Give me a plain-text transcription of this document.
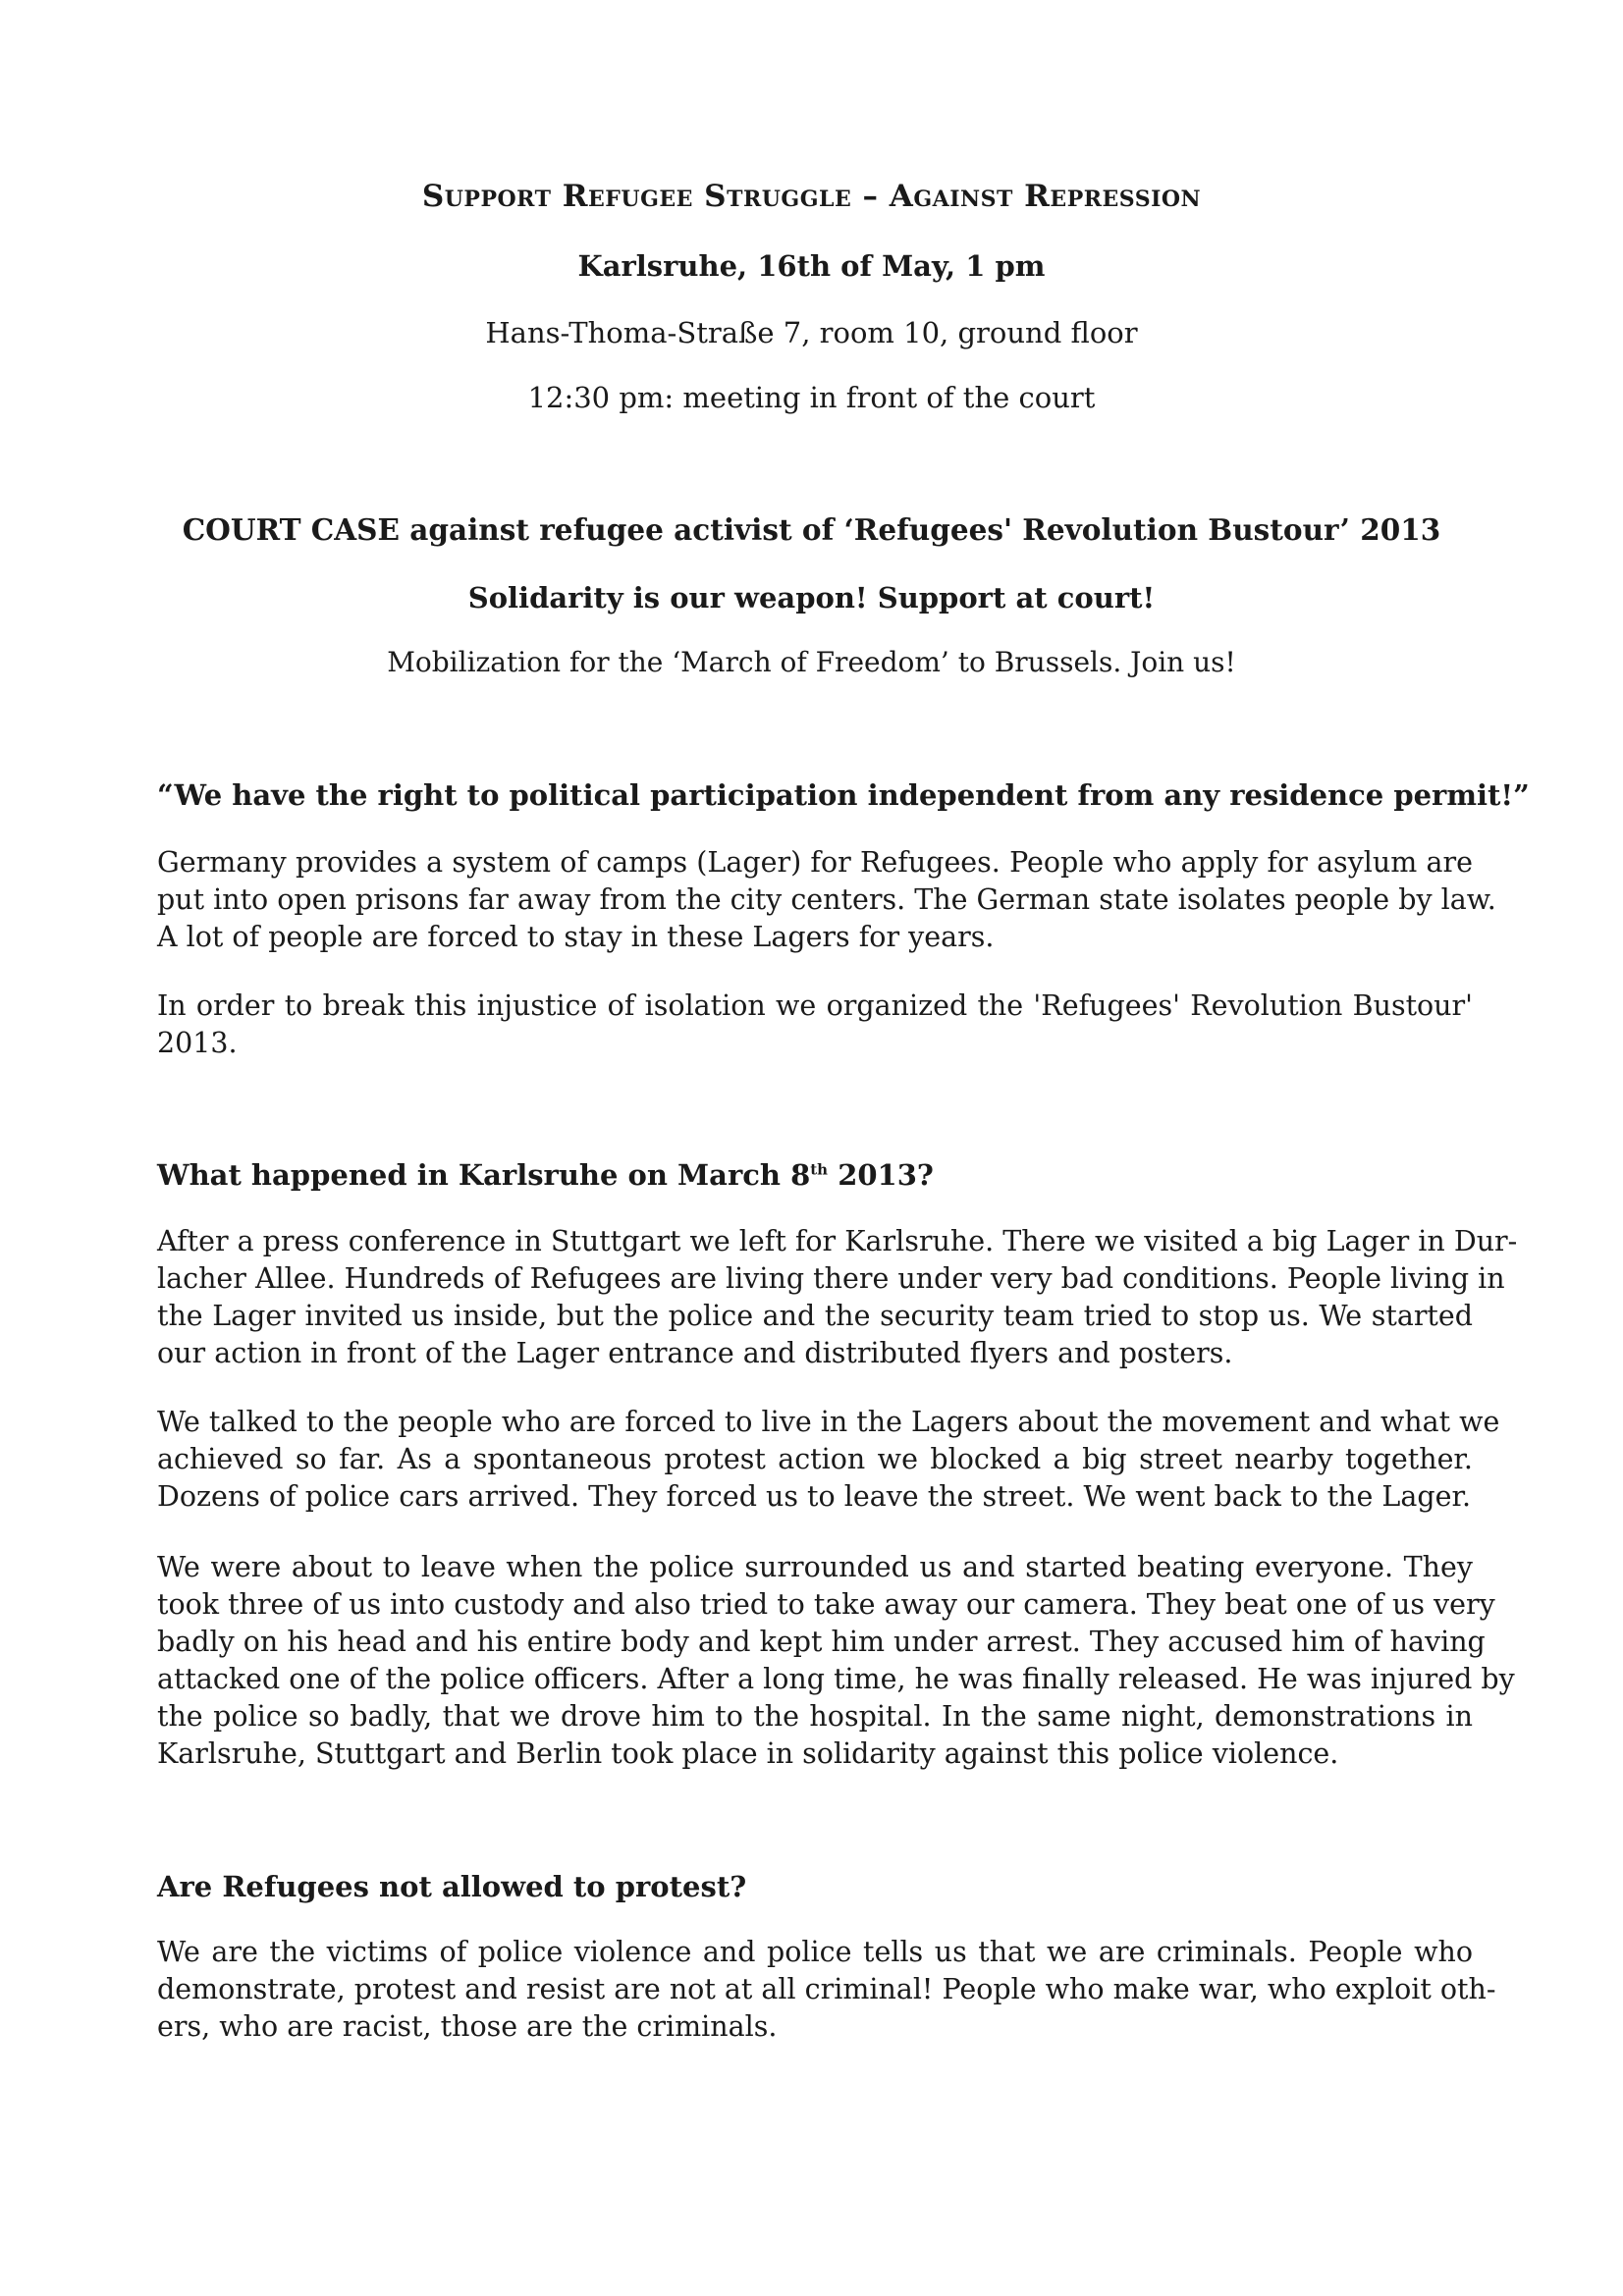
Support Refugee Struggle – Against Repression
Karlsruhe, 16th of May, 1 pm
Hans-Thoma-Straße 7, room 10, ground floor
12:30 pm: meeting in front of the court
COURT CASE against refugee activist of ‘Refugees' Revolution Bustour’ 2013
Solidarity is our weapon! Support at court!
Mobilization for the ‘March of Freedom’ to Brussels. Join us!
“We have the right to political participation independent from any residence permit!”
Germany provides a system of camps (Lager) for Refugees. People who apply for asylum are
put into open prisons far away from the city centers. The German state isolates people by law.
A lot of people are forced to stay in these Lagers for years.
In order to break this injustice of isolation we organized the 'Refugees' Revolution Bustour'
2013.
What happened in Karlsruhe on March 8th 2013?
After a press conference in Stuttgart we left for Karlsruhe. There we visited a big Lager in Dur-
lacher Allee. Hundreds of Refugees are living there under very bad conditions. People living in
the Lager invited us inside, but the police and the security team tried to stop us. We started
our action in front of the Lager entrance and distributed flyers and posters.
We talked to the people who are forced to live in the Lagers about the movement and what we
achieved so far. As a spontaneous protest action we blocked a big street nearby together.
Dozens of police cars arrived. They forced us to leave the street. We went back to the Lager.
We were about to leave when the police surrounded us and started beating everyone. They
took three of us into custody and also tried to take away our camera. They beat one of us very
badly on his head and his entire body and kept him under arrest. They accused him of having
attacked one of the police officers. After a long time, he was finally released. He was injured by
the police so badly, that we drove him to the hospital. In the same night, demonstrations in
Karlsruhe, Stuttgart and Berlin took place in solidarity against this police violence.
Are Refugees not allowed to protest?
We are the victims of police violence and police tells us that we are criminals. People who
demonstrate, protest and resist are not at all criminal! People who make war, who exploit oth-
ers, who are racist, those are the criminals.
